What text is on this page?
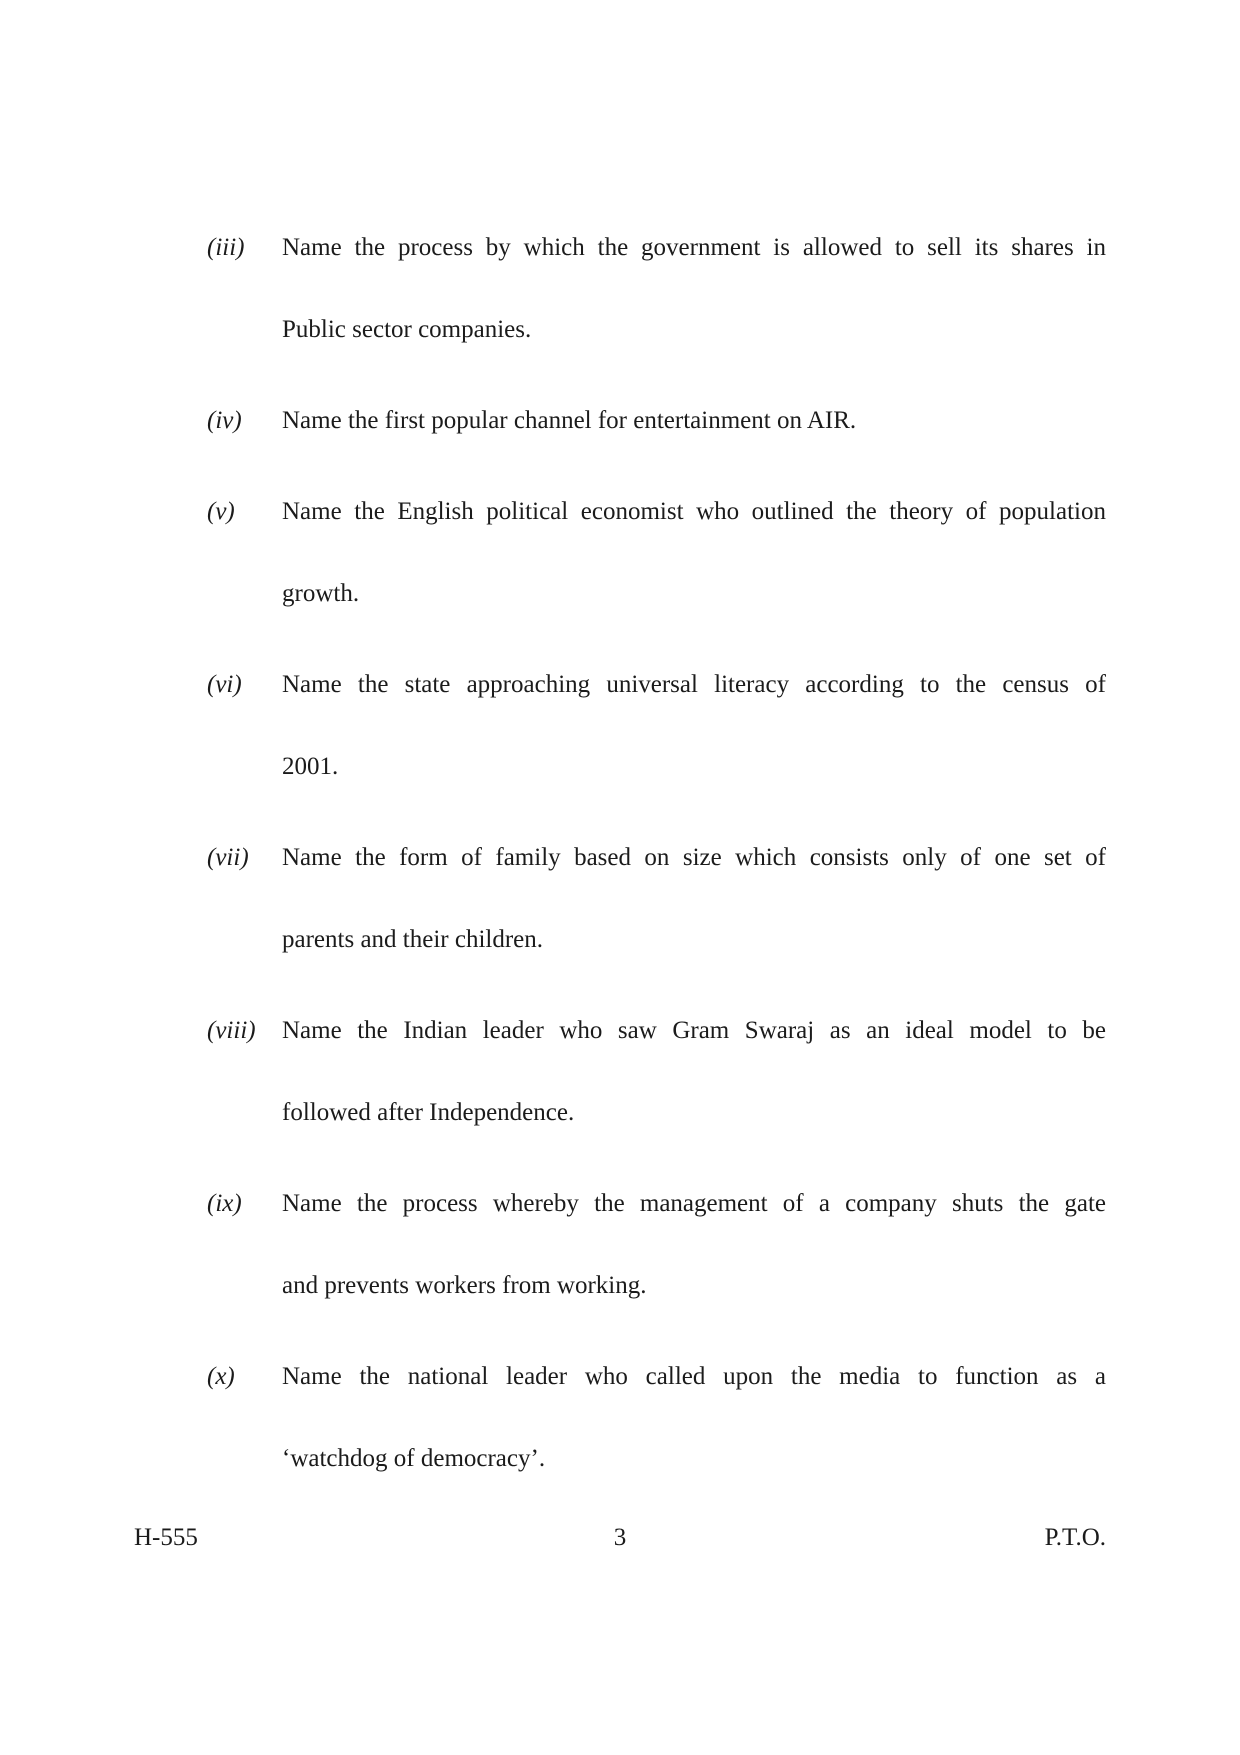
(iii)	Name the process by which the government is allowed to sell its shares in
Public sector companies.
(iv)	Name the first popular channel for entertainment on AIR.
(v)	Name the English political economist who outlined the theory of population
growth.
(vi)	Name the state approaching universal literacy according to the census of
2001.
(vii)	Name the form of family based on size which consists only of one set of
parents and their children.
(viii)	Name the Indian leader who saw Gram Swaraj as an ideal model to be
followed after Independence.
(ix)	Name the process whereby the management of a company shuts the gate
and prevents workers from working.
(x)	Name the national leader who called upon the media to function as a
‘watchdog of democracy’.
H-555	3	P.T.O.
